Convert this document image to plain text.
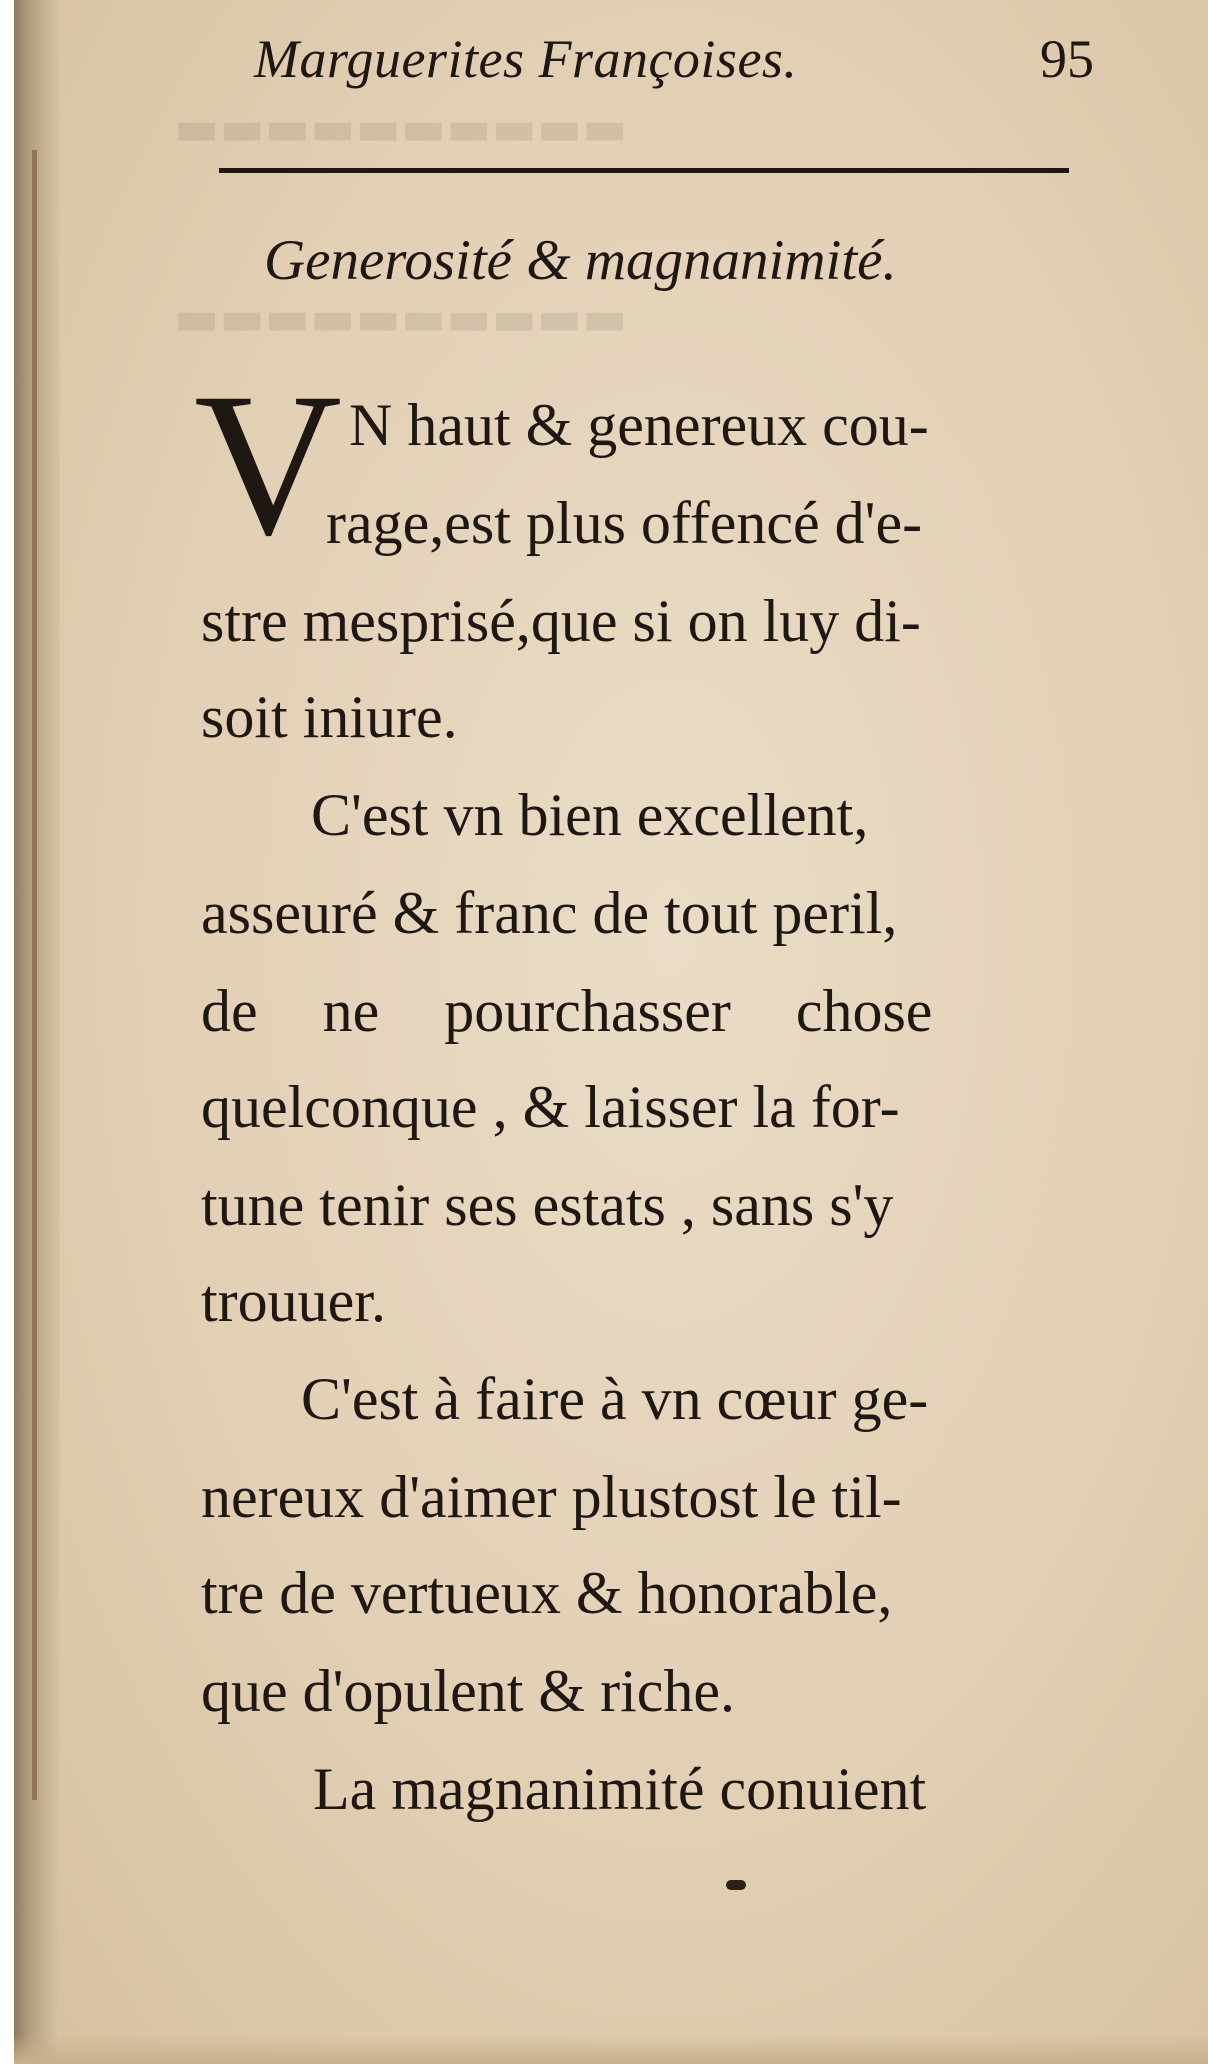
▬▬▬▬▬▬▬▬▬▬
▬▬▬▬▬▬▬▬▬▬
Marguerites Françoises.	95
Generosité & magnanimité.
V N haut & genereux cou-
rage,est plus offencé d'e-
stre mesprisé,que si on luy di-
soit iniure.
C'est vn bien excellent,
asseuré & franc de tout peril,
de ne pourchasser chose
quelconque , & laisser la for-
tune tenir ses estats , sans s'y
trouuer.
C'est à faire à vn cœur ge-
nereux d'aimer plustost le til-
tre de vertueux & honorable,
que d'opulent & riche.
La magnanimité conuient
